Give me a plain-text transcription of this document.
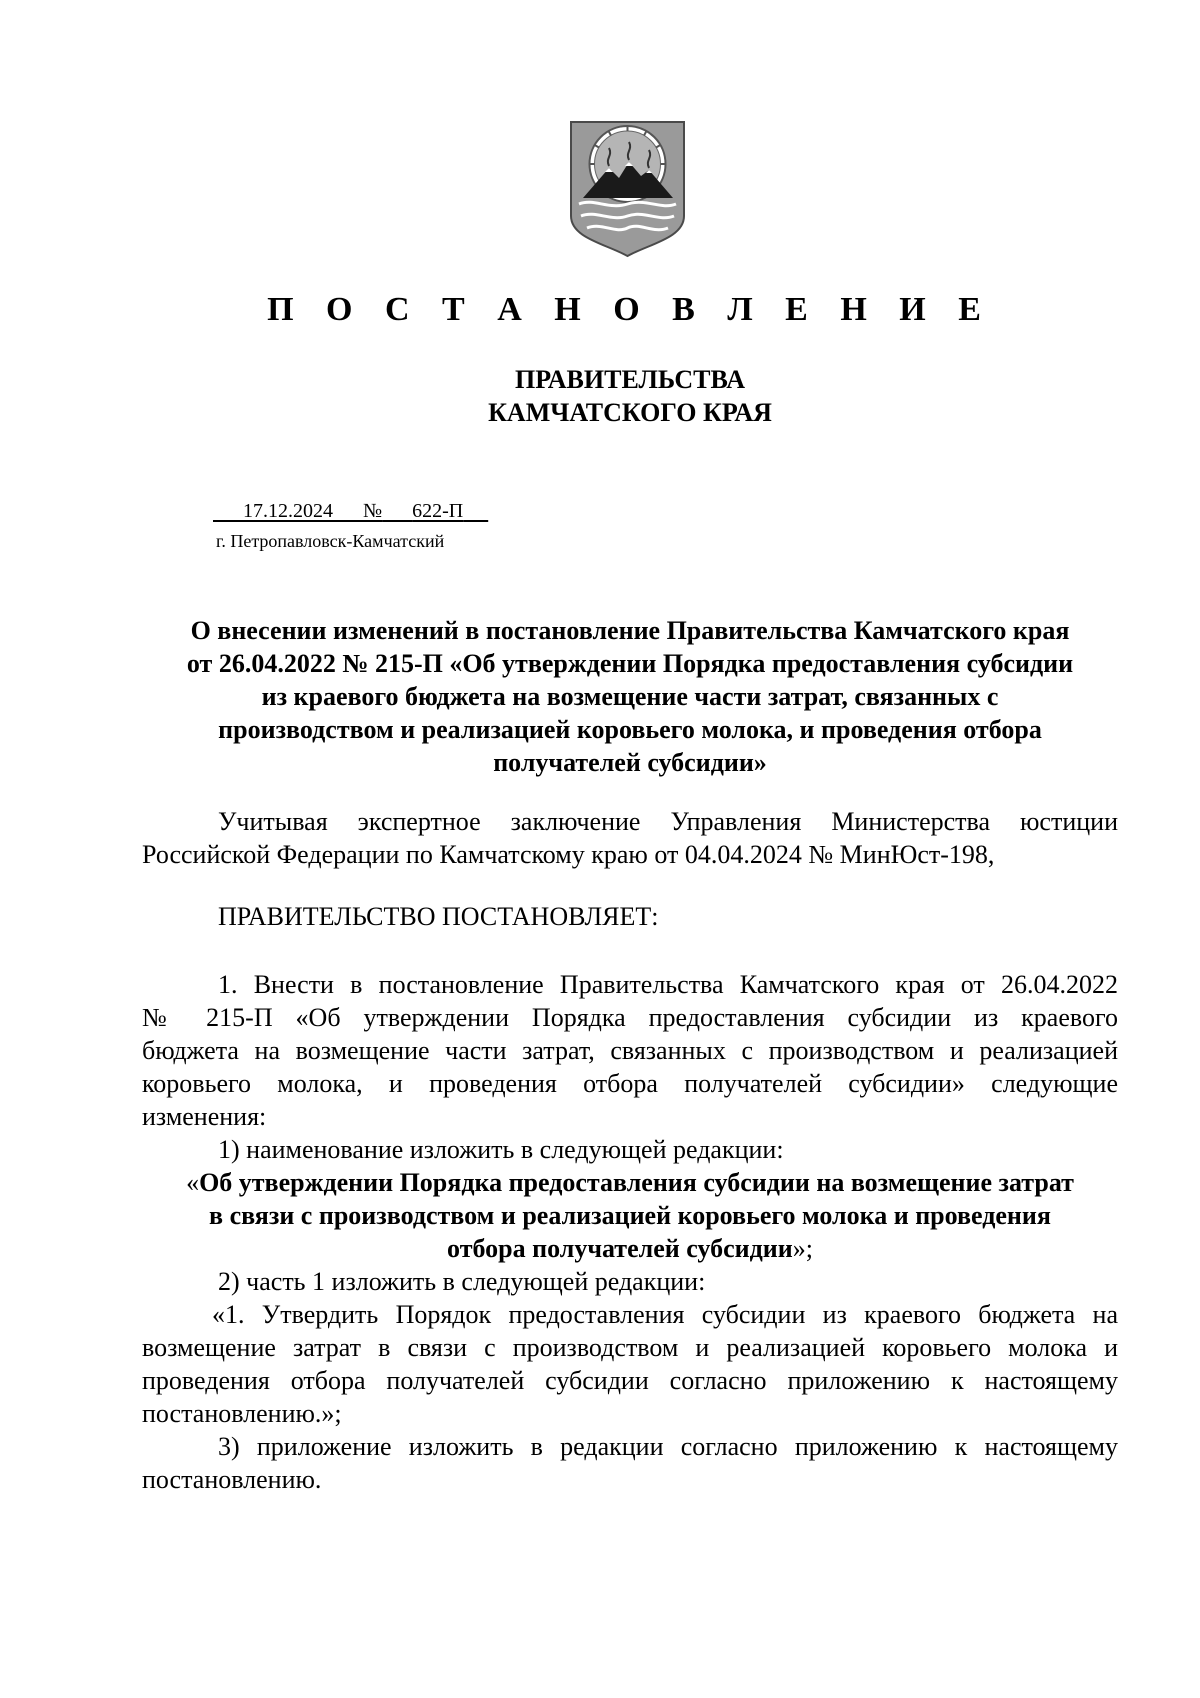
П О С Т А Н О В Л Е Н И Е
ПРАВИТЕЛЬСТВА
КАМЧАТСКОГО КРАЯ
17.12.2024 № 622-П
г. Петропавловск-Камчатский
О внесении изменений в постановление Правительства Камчатского края
от 26.04.2022 № 215-П «Об утверждении Порядка предоставления субсидии
из краевого бюджета на возмещение части затрат, связанных с
производством и реализацией коровьего молока, и проведения отбора
получателей субсидии»
Учитывая экспертное заключение Управления Министерства юстиции
Российской Федерации по Камчатскому краю от 04.04.2024 № МинЮст-198,
ПРАВИТЕЛЬСТВО ПОСТАНОВЛЯЕТ:
1. Внести в постановление Правительства Камчатского края от 26.04.2022
№ 215-П «Об утверждении Порядка предоставления субсидии из краевого
бюджета на возмещение части затрат, связанных с производством и реализацией
коровьего молока, и проведения отбора получателей субсидии» следующие
изменения:
1) наименование изложить в следующей редакции:
«Об утверждении Порядка предоставления субсидии на возмещение затрат
в связи с производством и реализацией коровьего молока и проведения
отбора получателей субсидии»;
2) часть 1 изложить в следующей редакции:
«1. Утвердить Порядок предоставления субсидии из краевого бюджета на
возмещение затрат в связи с производством и реализацией коровьего молока и
проведения отбора получателей субсидии согласно приложению к настоящему
постановлению.»;
3) приложение изложить в редакции согласно приложению к настоящему
постановлению.
